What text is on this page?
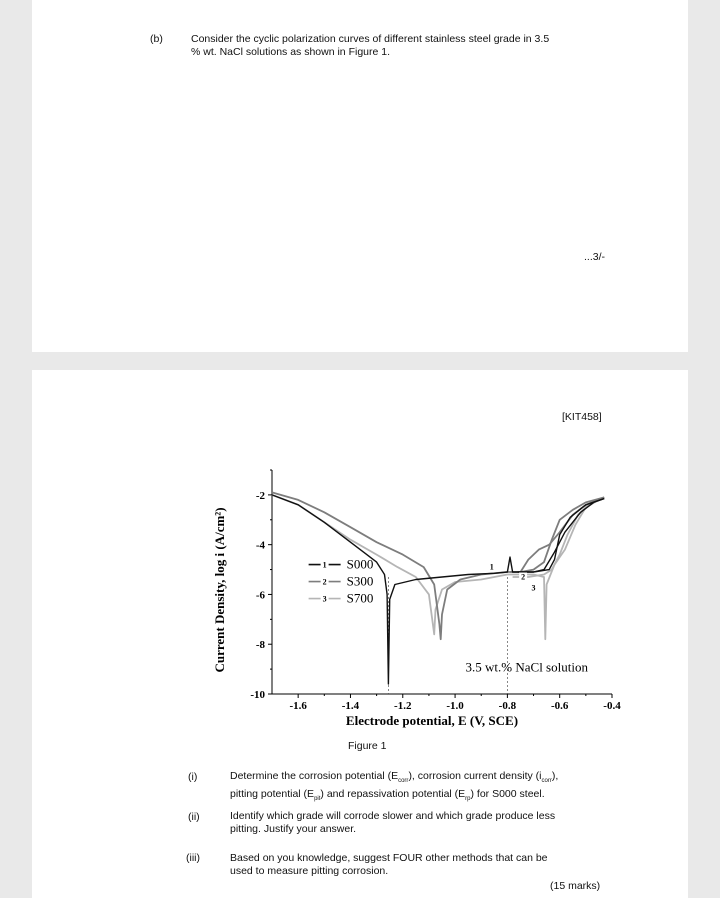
(b)	Consider the cyclic polarization curves of different stainless steel grade in 3.5
% wt. NaCl solutions as shown in Figure 1.
...3/-
[KIT458]
-1.6	-1.4	-1.2	-1.0	-0.8	-0.6	-0.4
-2
-4
-6
-8
-10
Electrode potential, E (V, SCE)
Current Density, log i (A/cm²)	1
2
3
1 S000
2 S300
3 S700
3.5 wt.% NaCl solution
Figure 1
(i)	Determine the corrosion potential $(E_{corr})$, corrosion current density $(i_{corr})$,
pitting potential $(E_{pit})$ and repassivation potential $(E_{rp})$ for S000 steel.
(ii)	Identify which grade will corrode slower and which grade produce less
pitting. Justify your answer.
(iii)	Based on you knowledge, suggest FOUR other methods that can be
used to measure pitting corrosion.
(15 marks)
